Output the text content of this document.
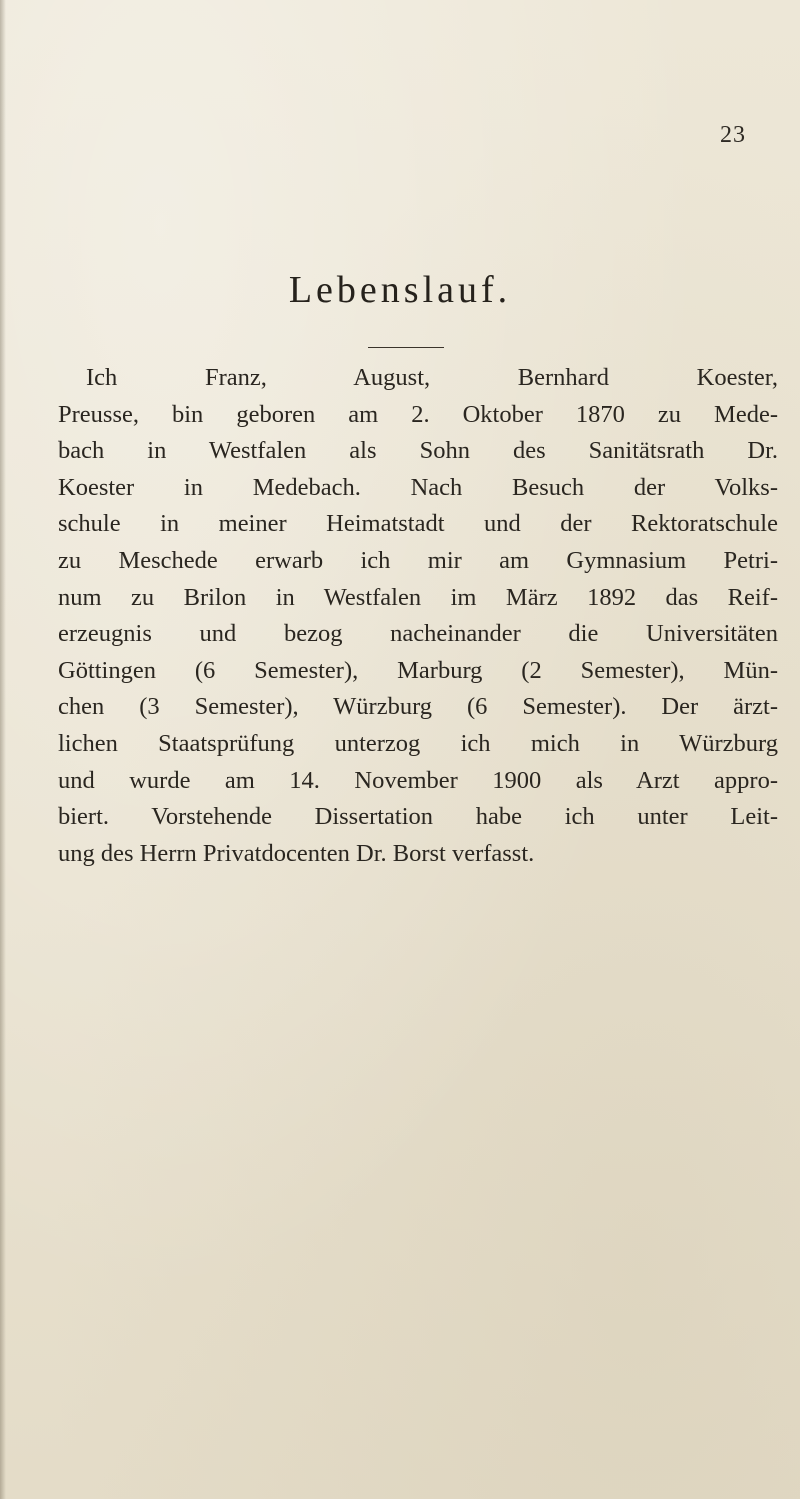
23
Lebenslauf.
Ich Franz, August, Bernhard Koester,
Preusse, bin geboren am 2. Oktober 1870 zu Mede-
bach in Westfalen als Sohn des Sanitätsrath Dr.
Koester in Medebach. Nach Besuch der Volks-
schule in meiner Heimatstadt und der Rektoratschule
zu Meschede erwarb ich mir am Gymnasium Petri-
num zu Brilon in Westfalen im März 1892 das Reif-
erzeugnis und bezog nacheinander die Universitäten
Göttingen (6 Semester), Marburg (2 Semester), Mün-
chen (3 Semester), Würzburg (6 Semester). Der ärzt-
lichen Staatsprüfung unterzog ich mich in Würzburg
und wurde am 14. November 1900 als Arzt appro-
biert. Vorstehende Dissertation habe ich unter Leit-
ung des Herrn Privatdocenten Dr. Borst verfasst.
